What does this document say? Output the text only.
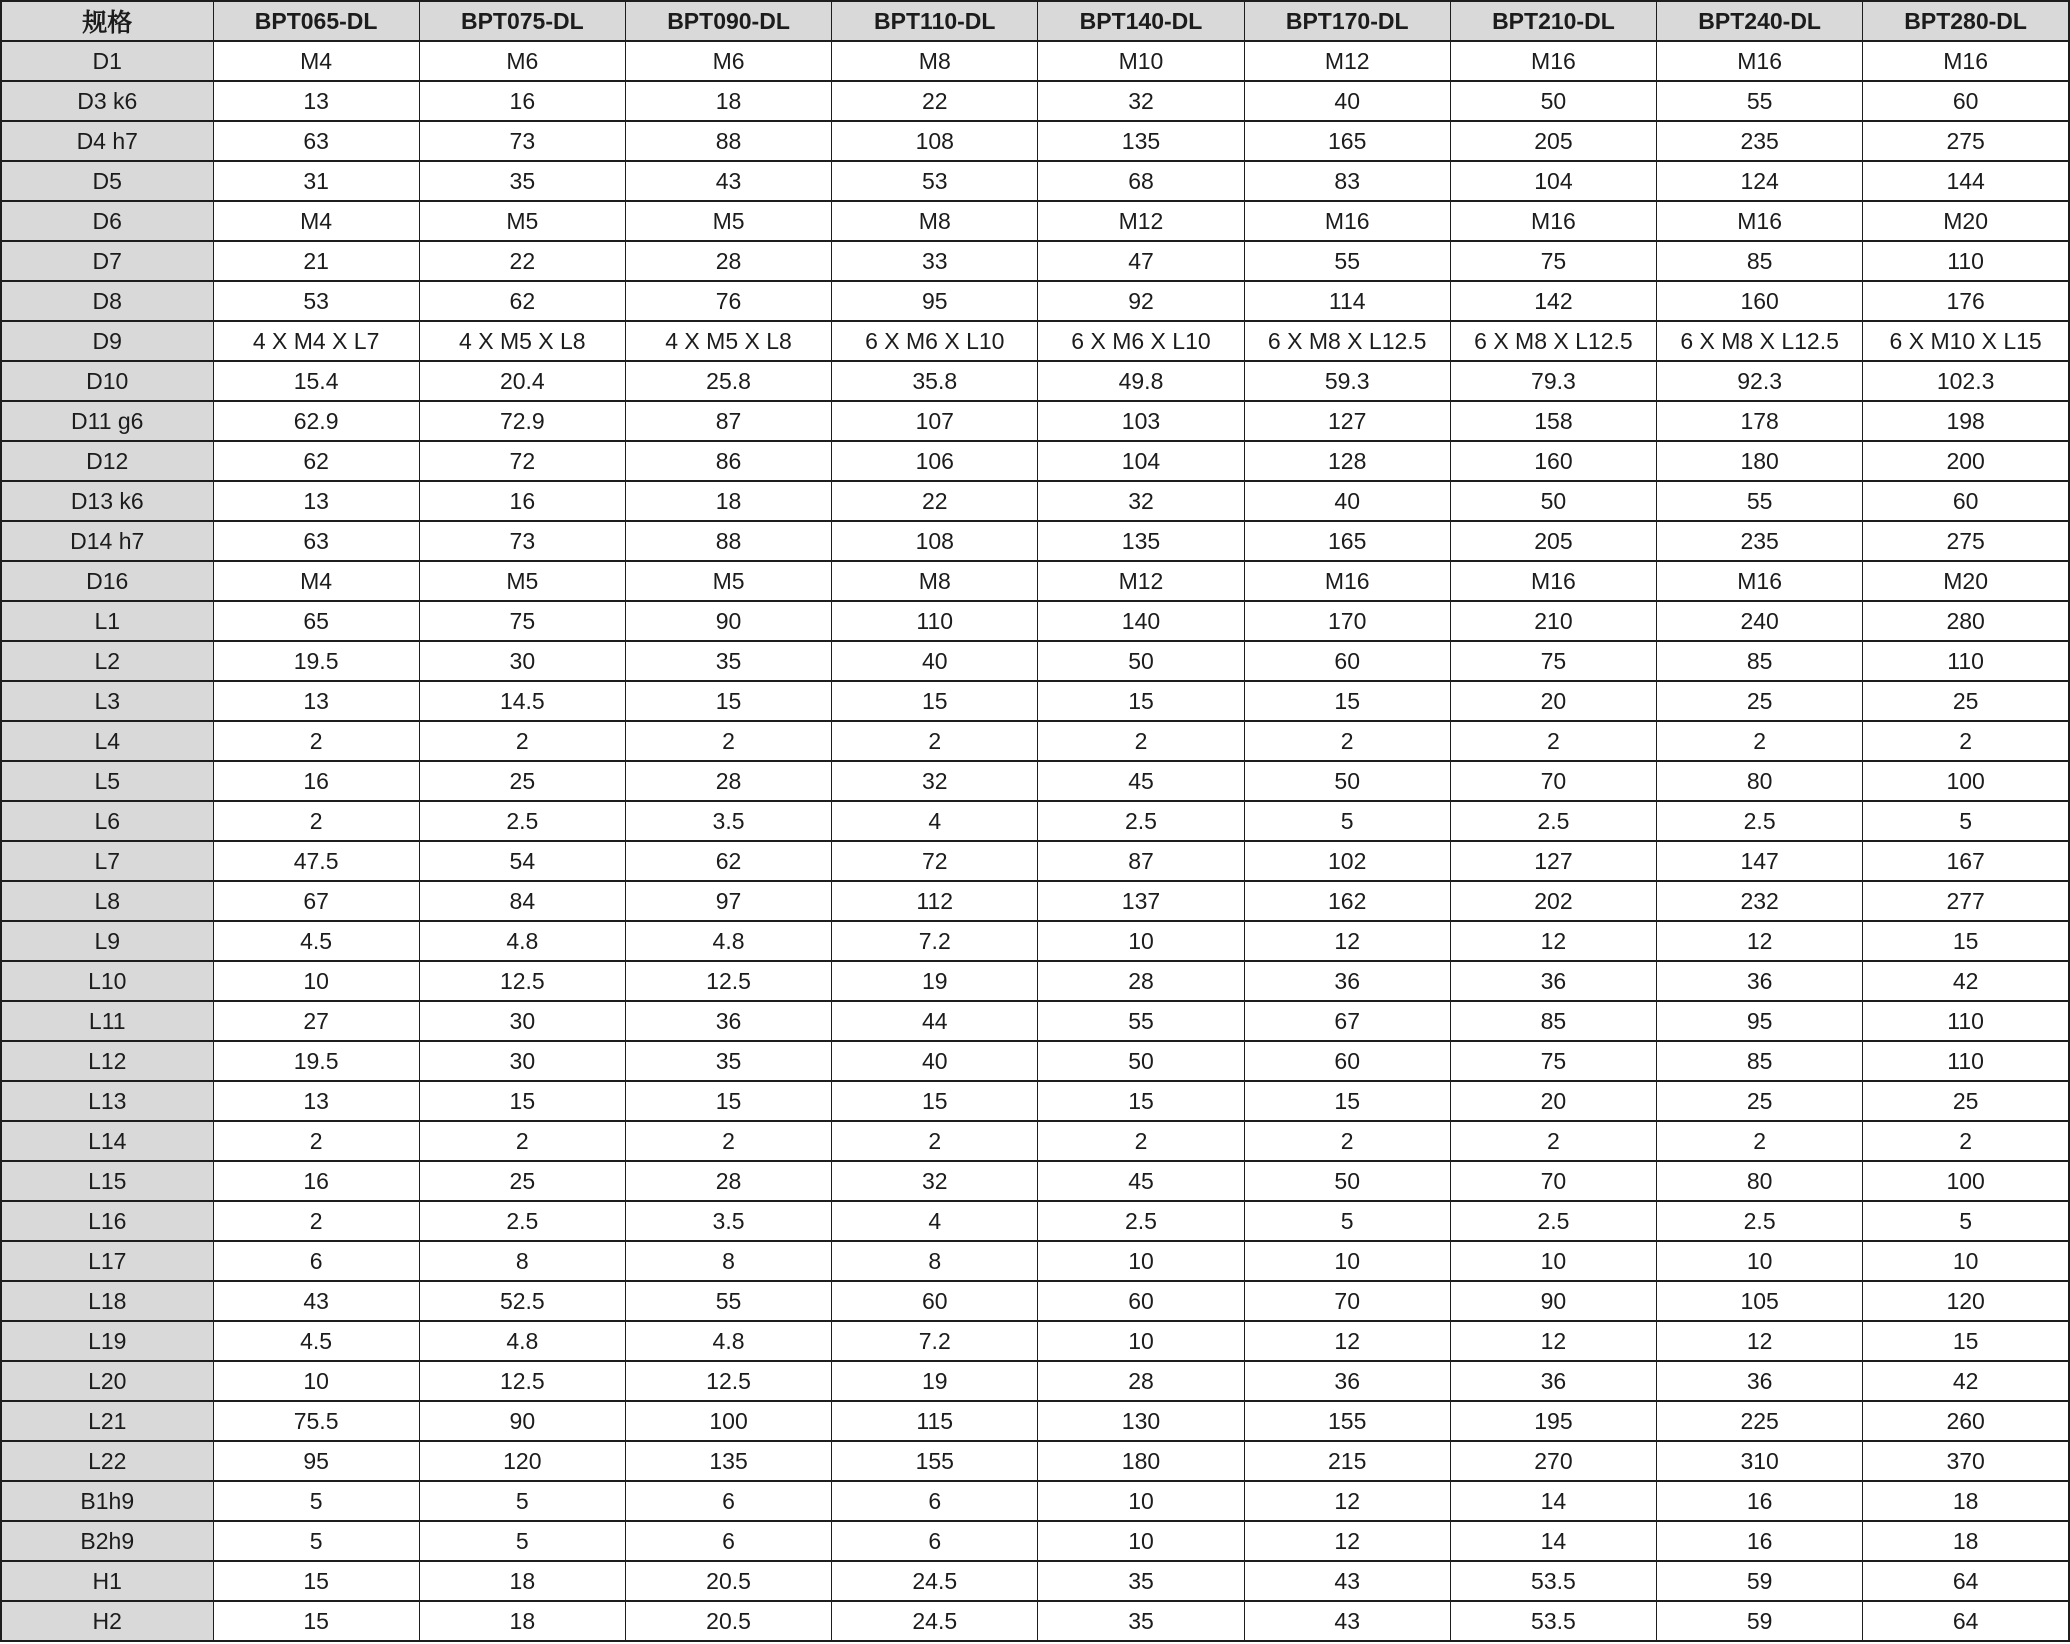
规格	BPT065-DL	BPT075-DL	BPT090-DL	BPT110-DL	BPT140-DL	BPT170-DL	BPT210-DL	BPT240-DL	BPT280-DL
D1	M4	M6	M6	M8	M10	M12	M16	M16	M16
D3 k6	13	16	18	22	32	40	50	55	60
D4 h7	63	73	88	108	135	165	205	235	275
D5	31	35	43	53	68	83	104	124	144
D6	M4	M5	M5	M8	M12	M16	M16	M16	M20
D7	21	22	28	33	47	55	75	85	110
D8	53	62	76	95	92	114	142	160	176
D9	4 X M4 X L7	4 X M5 X L8	4 X M5 X L8	6 X M6 X L10	6 X M6 X L10	6 X M8 X L12.5	6 X M8 X L12.5	6 X M8 X L12.5	6 X M10 X L15
D10	15.4	20.4	25.8	35.8	49.8	59.3	79.3	92.3	102.3
D11 g6	62.9	72.9	87	107	103	127	158	178	198
D12	62	72	86	106	104	128	160	180	200
D13 k6	13	16	18	22	32	40	50	55	60
D14 h7	63	73	88	108	135	165	205	235	275
D16	M4	M5	M5	M8	M12	M16	M16	M16	M20
L1	65	75	90	110	140	170	210	240	280
L2	19.5	30	35	40	50	60	75	85	110
L3	13	14.5	15	15	15	15	20	25	25
L4	2	2	2	2	2	2	2	2	2
L5	16	25	28	32	45	50	70	80	100
L6	2	2.5	3.5	4	2.5	5	2.5	2.5	5
L7	47.5	54	62	72	87	102	127	147	167
L8	67	84	97	112	137	162	202	232	277
L9	4.5	4.8	4.8	7.2	10	12	12	12	15
L10	10	12.5	12.5	19	28	36	36	36	42
L11	27	30	36	44	55	67	85	95	110
L12	19.5	30	35	40	50	60	75	85	110
L13	13	15	15	15	15	15	20	25	25
L14	2	2	2	2	2	2	2	2	2
L15	16	25	28	32	45	50	70	80	100
L16	2	2.5	3.5	4	2.5	5	2.5	2.5	5
L17	6	8	8	8	10	10	10	10	10
L18	43	52.5	55	60	60	70	90	105	120
L19	4.5	4.8	4.8	7.2	10	12	12	12	15
L20	10	12.5	12.5	19	28	36	36	36	42
L21	75.5	90	100	115	130	155	195	225	260
L22	95	120	135	155	180	215	270	310	370
B1h9	5	5	6	6	10	12	14	16	18
B2h9	5	5	6	6	10	12	14	16	18
H1	15	18	20.5	24.5	35	43	53.5	59	64
H2	15	18	20.5	24.5	35	43	53.5	59	64
